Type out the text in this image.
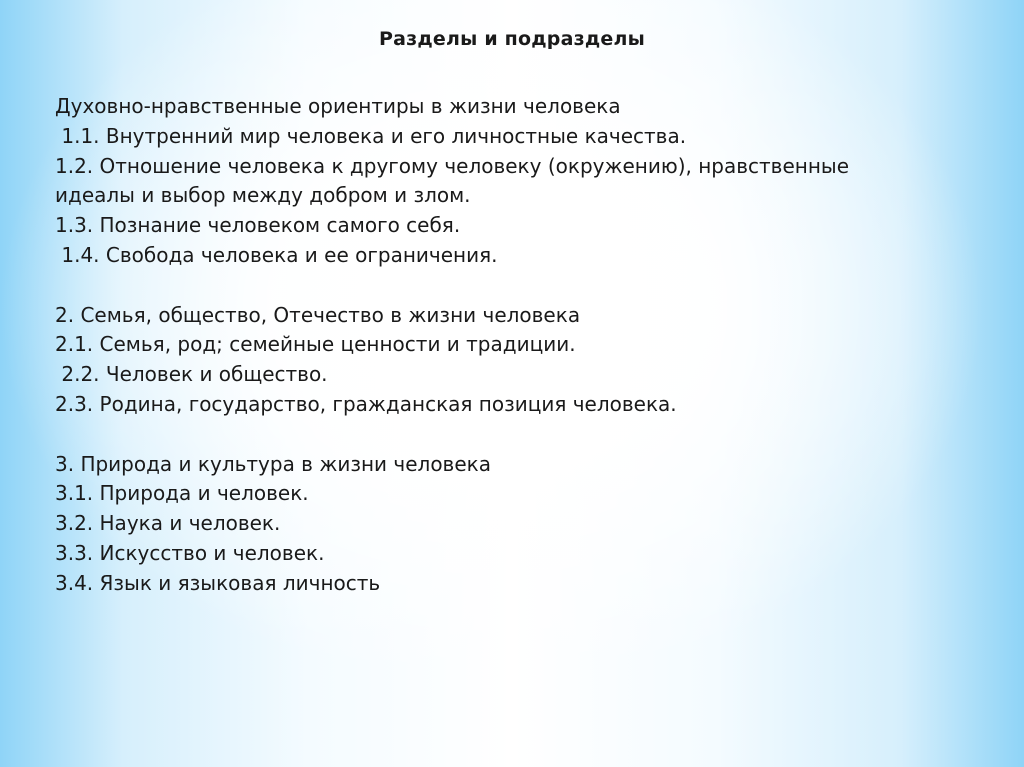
Разделы и подразделы
Духовно-нравственные ориентиры в жизни человека
1.1. Внутренний мир человека и его личностные качества.
1.2. Отношение человека к другому человеку (окружению), нравственные
идеалы и выбор между добром и злом.
1.3. Познание человеком самого себя.
1.4. Свобода человека и ее ограничения.
2. Семья, общество, Отечество в жизни человека
2.1. Семья, род; семейные ценности и традиции.
2.2. Человек и общество.
2.3. Родина, государство, гражданская позиция человека.
3. Природа и культура в жизни человека
3.1. Природа и человек.
3.2. Наука и человек.
3.3. Искусство и человек.
3.4. Язык и языковая личность
